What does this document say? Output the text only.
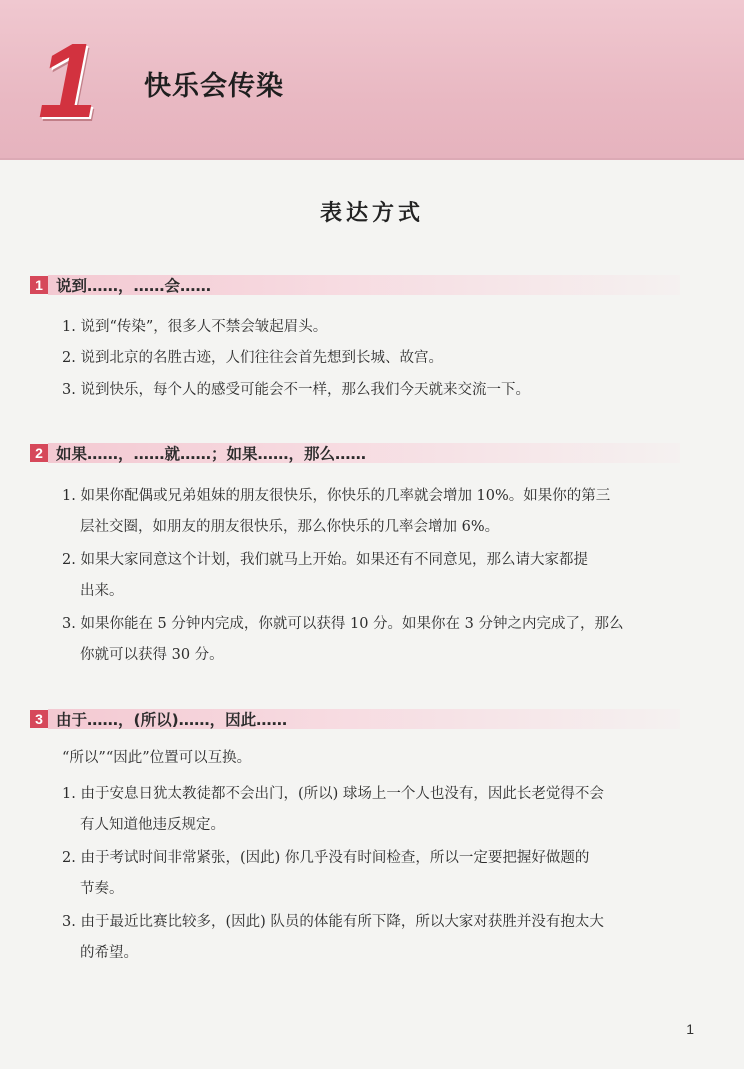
1 快乐会传染
表达方式
1 说到……，……会……
1. 说到“传染”，很多人不禁会皱起眉头。
2. 说到北京的名胜古迹，人们往往会首先想到长城、故宫。
3. 说到快乐，每个人的感受可能会不一样，那么我们今天就来交流一下。
2 如果……，……就……；如果……，那么……
1. 如果你配偶或兄弟姐妹的朋友很快乐，你快乐的几率就会增加 10%。如果你的第三
层社交圈，如朋友的朋友很快乐，那么你快乐的几率会增加 6%。
2. 如果大家同意这个计划，我们就马上开始。如果还有不同意见，那么请大家都提
出来。
3. 如果你能在 5 分钟内完成，你就可以获得 10 分。如果你在 3 分钟之内完成了，那么
你就可以获得 30 分。
3 由于……，(所以)……，因此……
“所以”“因此”位置可以互换。
1. 由于安息日犹太教徒都不会出门，(所以) 球场上一个人也没有，因此长老觉得不会
有人知道他违反规定。
2. 由于考试时间非常紧张，(因此) 你几乎没有时间检查，所以一定要把握好做题的
节奏。
3. 由于最近比赛比较多，(因此) 队员的体能有所下降，所以大家对获胜并没有抱太大
的希望。
1
